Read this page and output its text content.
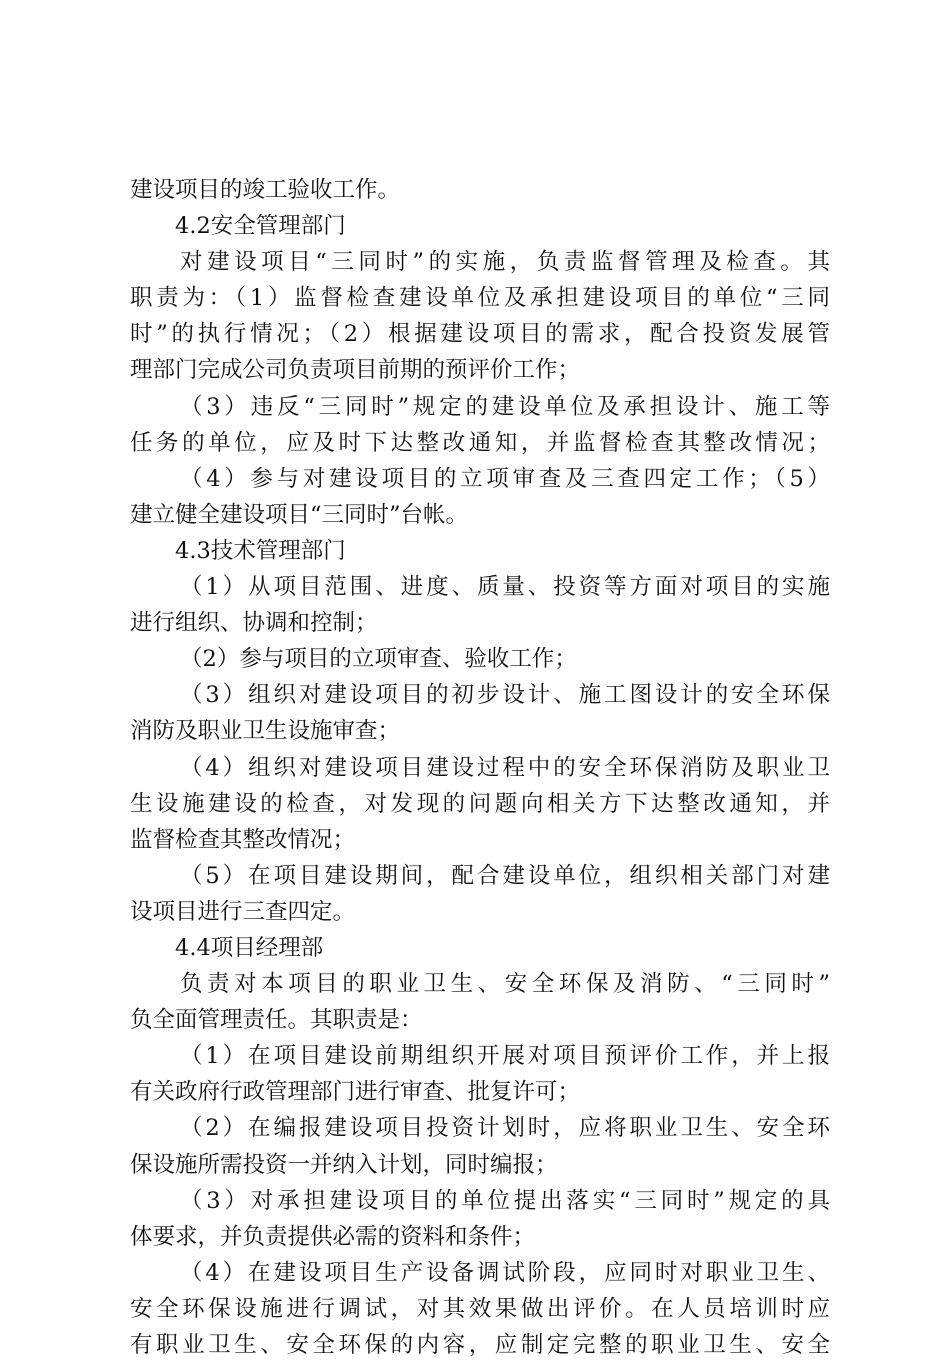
建设项目的竣工验收工作。
4.2安全管理部门
对建设项目“三同时”的实施，负责监督管理及检查。其
职责为：（1）监督检查建设单位及承担建设项目的单位“三同
时”的执行情况；（2）根据建设项目的需求，配合投资发展管
理部门完成公司负责项目前期的预评价工作；
（3）违反“三同时”规定的建设单位及承担设计、施工等
任务的单位，应及时下达整改通知，并监督检查其整改情况；
（4）参与对建设项目的立项审查及三查四定工作；（5）
建立健全建设项目“三同时”台帐。
4.3技术管理部门
（1）从项目范围、进度、质量、投资等方面对项目的实施
进行组织、协调和控制；
（2）参与项目的立项审查、验收工作；
（3）组织对建设项目的初步设计、施工图设计的安全环保
消防及职业卫生设施审查；
（4）组织对建设项目建设过程中的安全环保消防及职业卫
生设施建设的检查，对发现的问题向相关方下达整改通知，并
监督检查其整改情况；
（5）在项目建设期间，配合建设单位，组织相关部门对建
设项目进行三查四定。
4.4项目经理部
负责对本项目的职业卫生、安全环保及消防、“三同时”
负全面管理责任。其职责是：
（1）在项目建设前期组织开展对项目预评价工作，并上报
有关政府行政管理部门进行审查、批复许可；
（2）在编报建设项目投资计划时，应将职业卫生、安全环
保设施所需投资一并纳入计划，同时编报；
（3）对承担建设项目的单位提出落实“三同时”规定的具
体要求，并负责提供必需的资料和条件；
（4）在建设项目生产设备调试阶段，应同时对职业卫生、
安全环保设施进行调试，对其效果做出评价。在人员培训时应
有职业卫生、安全环保的内容，应制定完整的职业卫生、安全
